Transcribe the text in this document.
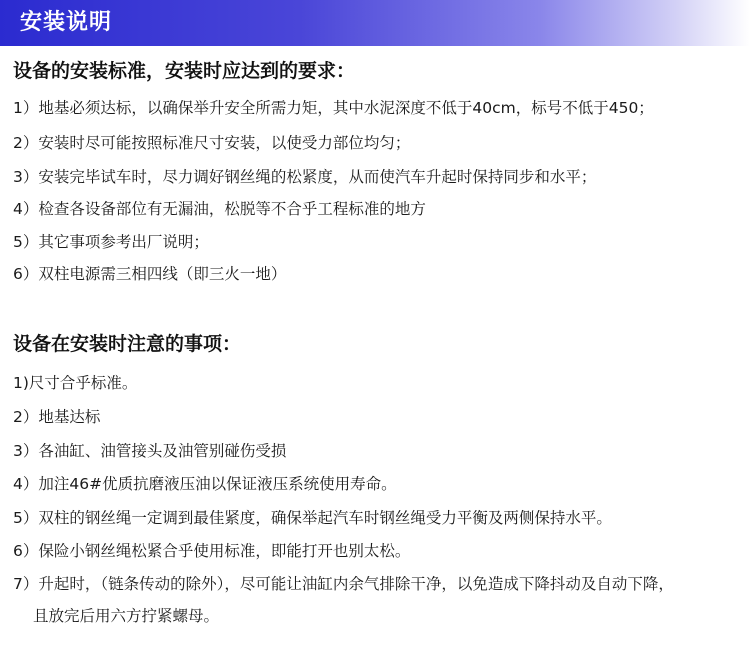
安装说明
设备的安装标准，安装时应达到的要求：
1）地基必须达标，以确保举升安全所需力矩，其中水泥深度不低于40cm，标号不低于450；
2）安装时尽可能按照标准尺寸安装，以使受力部位均匀；
3）安装完毕试车时，尽力调好钢丝绳的松紧度，从而使汽车升起时保持同步和水平；
4）检查各设备部位有无漏油，松脱等不合乎工程标准的地方
5）其它事项参考出厂说明；
6）双柱电源需三相四线（即三火一地）
设备在安装时注意的事项：
1)尺寸合乎标准。
2）地基达标
3）各油缸、油管接头及油管别碰伤受损
4）加注46#优质抗磨液压油以保证液压系统使用寿命。
5）双柱的钢丝绳一定调到最佳紧度，确保举起汽车时钢丝绳受力平衡及两侧保持水平。
6）保险小钢丝绳松紧合乎使用标准，即能打开也别太松。
7）升起时，（链条传动的除外），尽可能让油缸内余气排除干净，以免造成下降抖动及自动下降，
且放完后用六方拧紧螺母。
